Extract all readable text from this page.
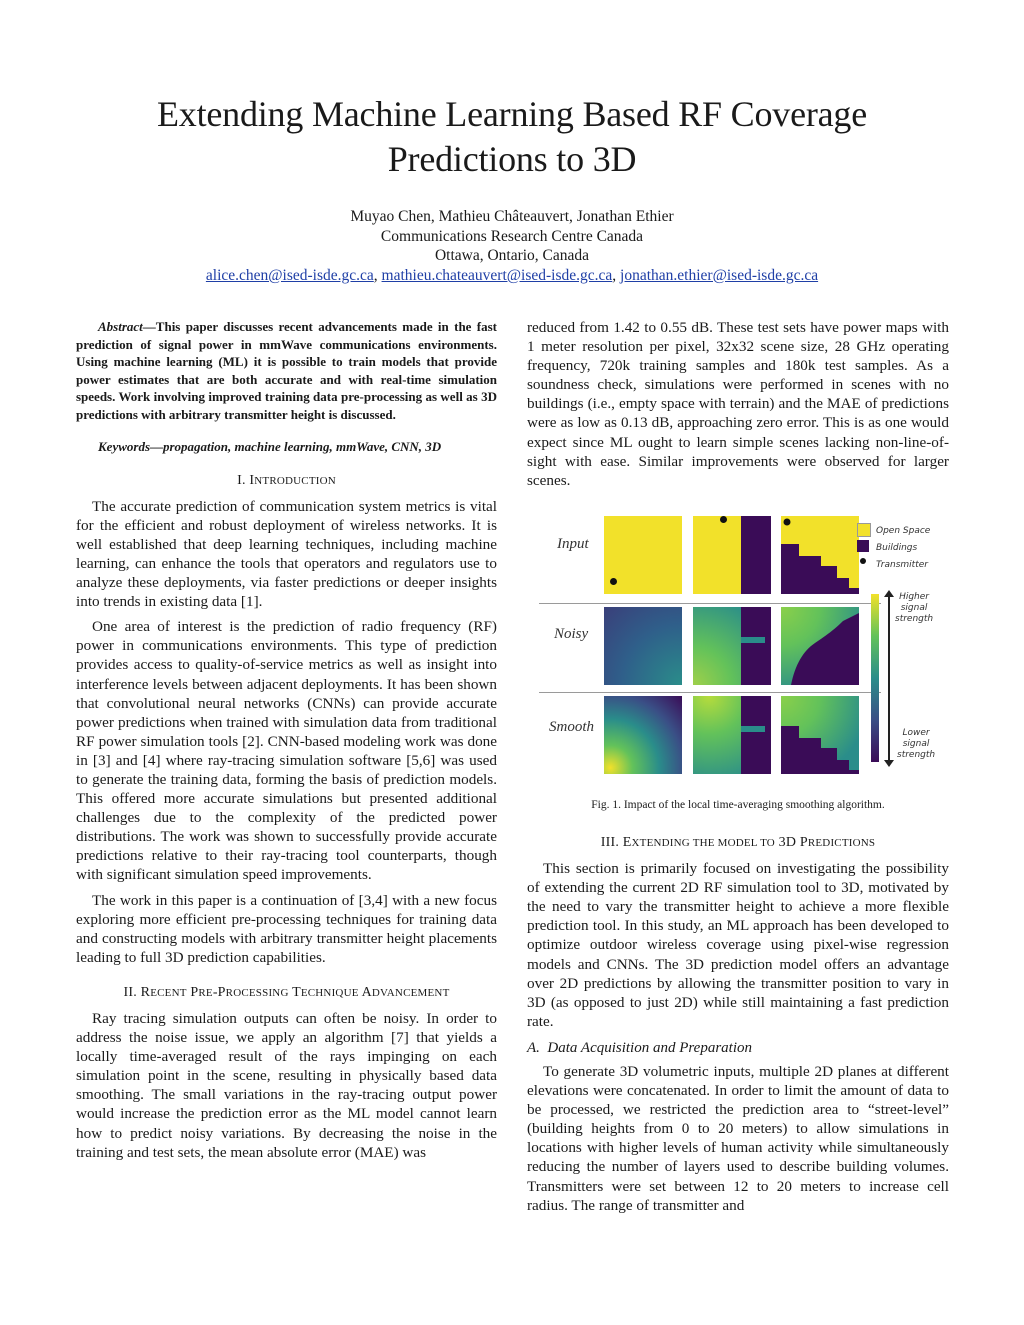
Extending Machine Learning Based RF Coverage
Predictions to 3D
Muyao Chen, Mathieu Châteauvert, Jonathan Ethier
Communications Research Centre Canada
Ottawa, Ontario, Canada
alice.chen@ised-isde.gc.ca, mathieu.chateauvert@ised-isde.gc.ca, jonathan.ethier@ised-isde.gc.ca
Abstract—This paper discusses recent advancements made in the fast prediction of signal power in mmWave communications environments. Using machine learning (ML) it is possible to train models that provide power estimates that are both accurate and with real-time simulation speeds. Work involving improved training data pre-processing as well as 3D predictions with arbitrary transmitter height is discussed.
Keywords—propagation, machine learning, mmWave, CNN, 3D
I. INTRODUCTION

The accurate prediction of communication system metrics is vital for the efficient and robust deployment of wireless networks. It is well established that deep learning techniques, including machine learning, can enhance the tools that operators and regulators use to analyze these deployments, via faster predictions or deeper insights into trends in existing data [1].

One area of interest is the prediction of radio frequency (RF) power in communications environments. This type of prediction provides access to quality-of-service metrics as well as insight into interference levels between adjacent deployments. It has been shown that convolutional neural networks (CNNs) can provide accurate power predictions when trained with simulation data from traditional RF power simulation tools [2]. CNN-based modeling work was done in [3] and [4] where ray-tracing simulation software [5,6] was used to generate the training data, forming the basis of prediction models. This offered more accurate simulations but presented additional challenges due to the complexity of the predicted power distributions. The work was shown to successfully provide accurate predictions relative to their ray-tracing tool counterparts, though with significant simulation speed improvements.

The work in this paper is a continuation of [3,4] with a new focus exploring more efficient pre-processing techniques for training data and constructing models with arbitrary transmitter height placements leading to full 3D prediction capabilities.

II. RECENT PRE-PROCESSING TECHNIQUE ADVANCEMENT

Ray tracing simulation outputs can often be noisy. In order to address the noise issue, we apply an algorithm [7] that yields a locally time-averaged result of the rays impinging on each simulation point in the scene, resulting in physically based data smoothing. The small variations in the ray-tracing output power would increase the prediction error as the ML model cannot learn how to predict noisy variations. By decreasing the noise in the training and test sets, the mean absolute error (MAE) was

reduced from 1.42 to 0.55 dB. These test sets have power maps with 1 meter resolution per pixel, 32x32 scene size, 28 GHz operating frequency, 720k training samples and 180k test samples. As a soundness check, simulations were performed in scenes with no buildings (i.e., empty space with terrain) and the MAE of predictions were as low as 0.13 dB, approaching zero error. This is as one would expect since ML ought to learn simple scenes lacking non-line-of-sight with ease. Similar improvements were observed for larger scenes.

Input
Noisy
Smooth
Open Space
Buildings
Transmitter
Higher
signal
strength
Lower
signal
strength
Fig. 1. Impact of the local time-averaging smoothing algorithm.
III. EXTENDING THE MODEL TO 3D PREDICTIONS

This section is primarily focused on investigating the possibility of extending the current 2D RF simulation tool to 3D, motivated by the need to vary the transmitter height to achieve a more flexible prediction tool. In this study, an ML approach has been developed to optimize outdoor wireless coverage using pixel-wise regression models and CNNs. The 3D prediction model offers an advantage over 2D predictions by allowing the transmitter position to vary in 3D (as opposed to just 2D) while still maintaining a fast prediction rate.

A. Data Acquisition and Preparation

To generate 3D volumetric inputs, multiple 2D planes at different elevations were concatenated. In order to limit the amount of data to be processed, we restricted the prediction area to “street-level” (building heights from 0 to 20 meters) to allow simulations in locations with higher levels of human activity while simultaneously reducing the number of layers used to describe building volumes. Transmitters were set between 12 to 20 meters to increase cell radius. The range of transmitter and
